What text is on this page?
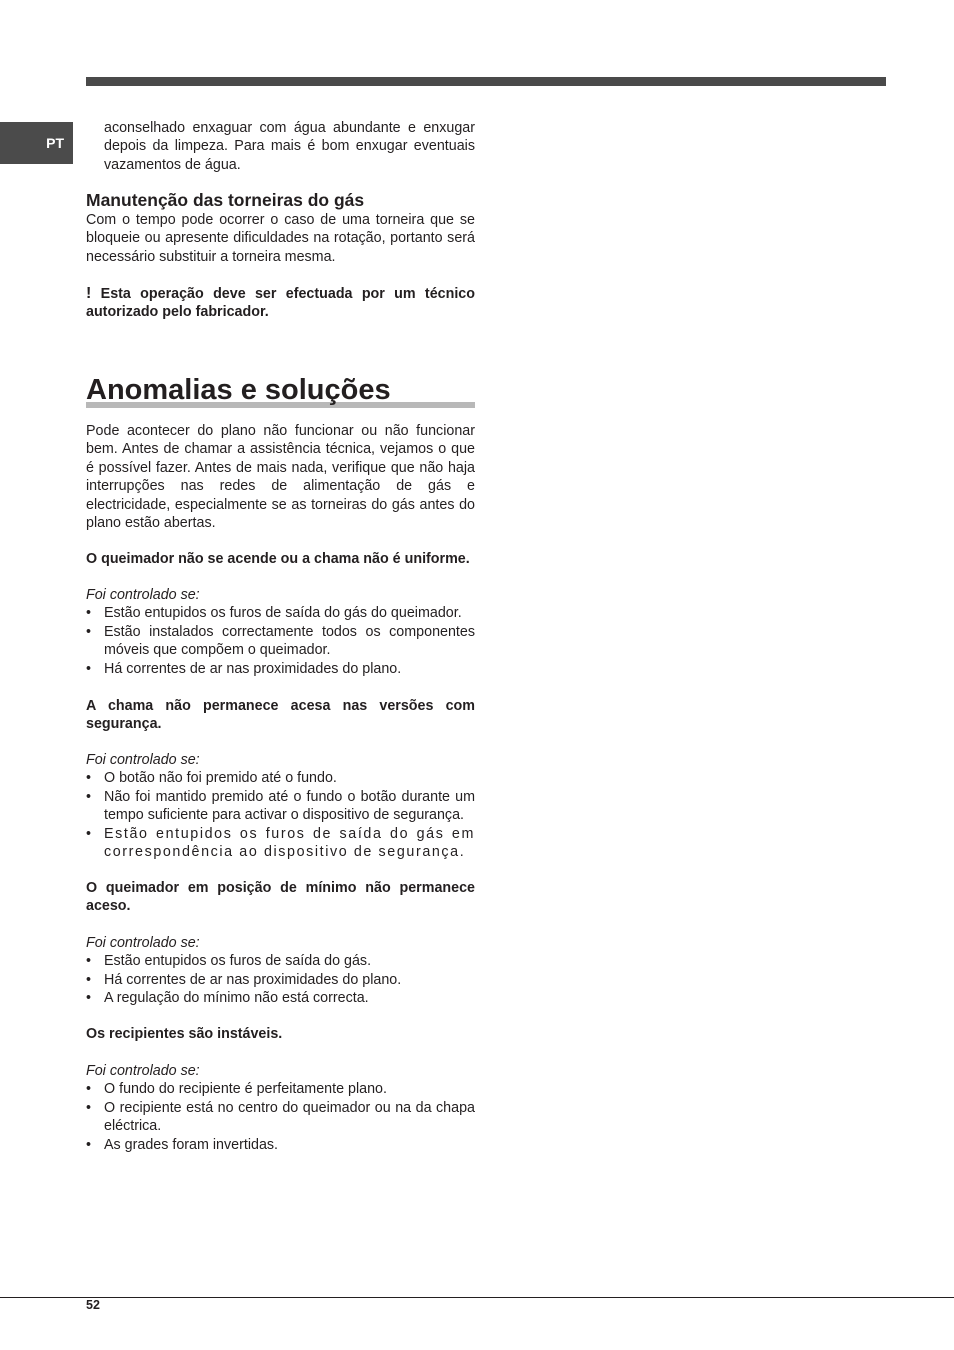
PT

aconselhado enxaguar com água abundante e enxugar depois da limpeza. Para mais é bom enxugar eventuais vazamentos de água.

Manutenção das torneiras do gás

Com o tempo pode ocorrer o caso de uma torneira que se bloqueie ou apresente dificuldades na rotação, portanto será necessário substituir a torneira mesma.

! Esta operação deve ser efectuada por um técnico autorizado pelo fabricador.
Anomalias e soluções

Pode acontecer do plano não funcionar ou não funcionar bem. Antes de chamar a assistência técnica, vejamos o que é possível fazer. Antes de mais nada, verifique que não haja interrupções nas redes de alimentação de gás e electricidade, especialmente se as torneiras do gás antes do plano estão abertas.

O queimador não se acende ou a chama não é uniforme.
Foi controlado se:
• Estão entupidos os furos de saída do gás do queimador.
• Estão instalados correctamente todos os componentes móveis que compõem o queimador.
• Há correntes de ar nas proximidades do plano.
A chama não permanece acesa nas versões com segurança.
Foi controlado se:
• O botão não foi premido até o fundo.
• Não foi mantido premido até o fundo o botão durante um tempo suficiente para activar o dispositivo de segurança.
• Estão entupidos os furos de saída do gás em correspondência ao dispositivo de segurança.
O queimador em posição de mínimo não permanece aceso.
Foi controlado se:
• Estão entupidos os furos de saída do gás.
• Há correntes de ar nas proximidades do plano.
• A regulação do mínimo não está correcta.
Os recipientes são instáveis.
Foi controlado se:
• O fundo do recipiente é perfeitamente plano.
• O recipiente está no centro do queimador ou na da chapa eléctrica.
• As grades foram invertidas.
52
